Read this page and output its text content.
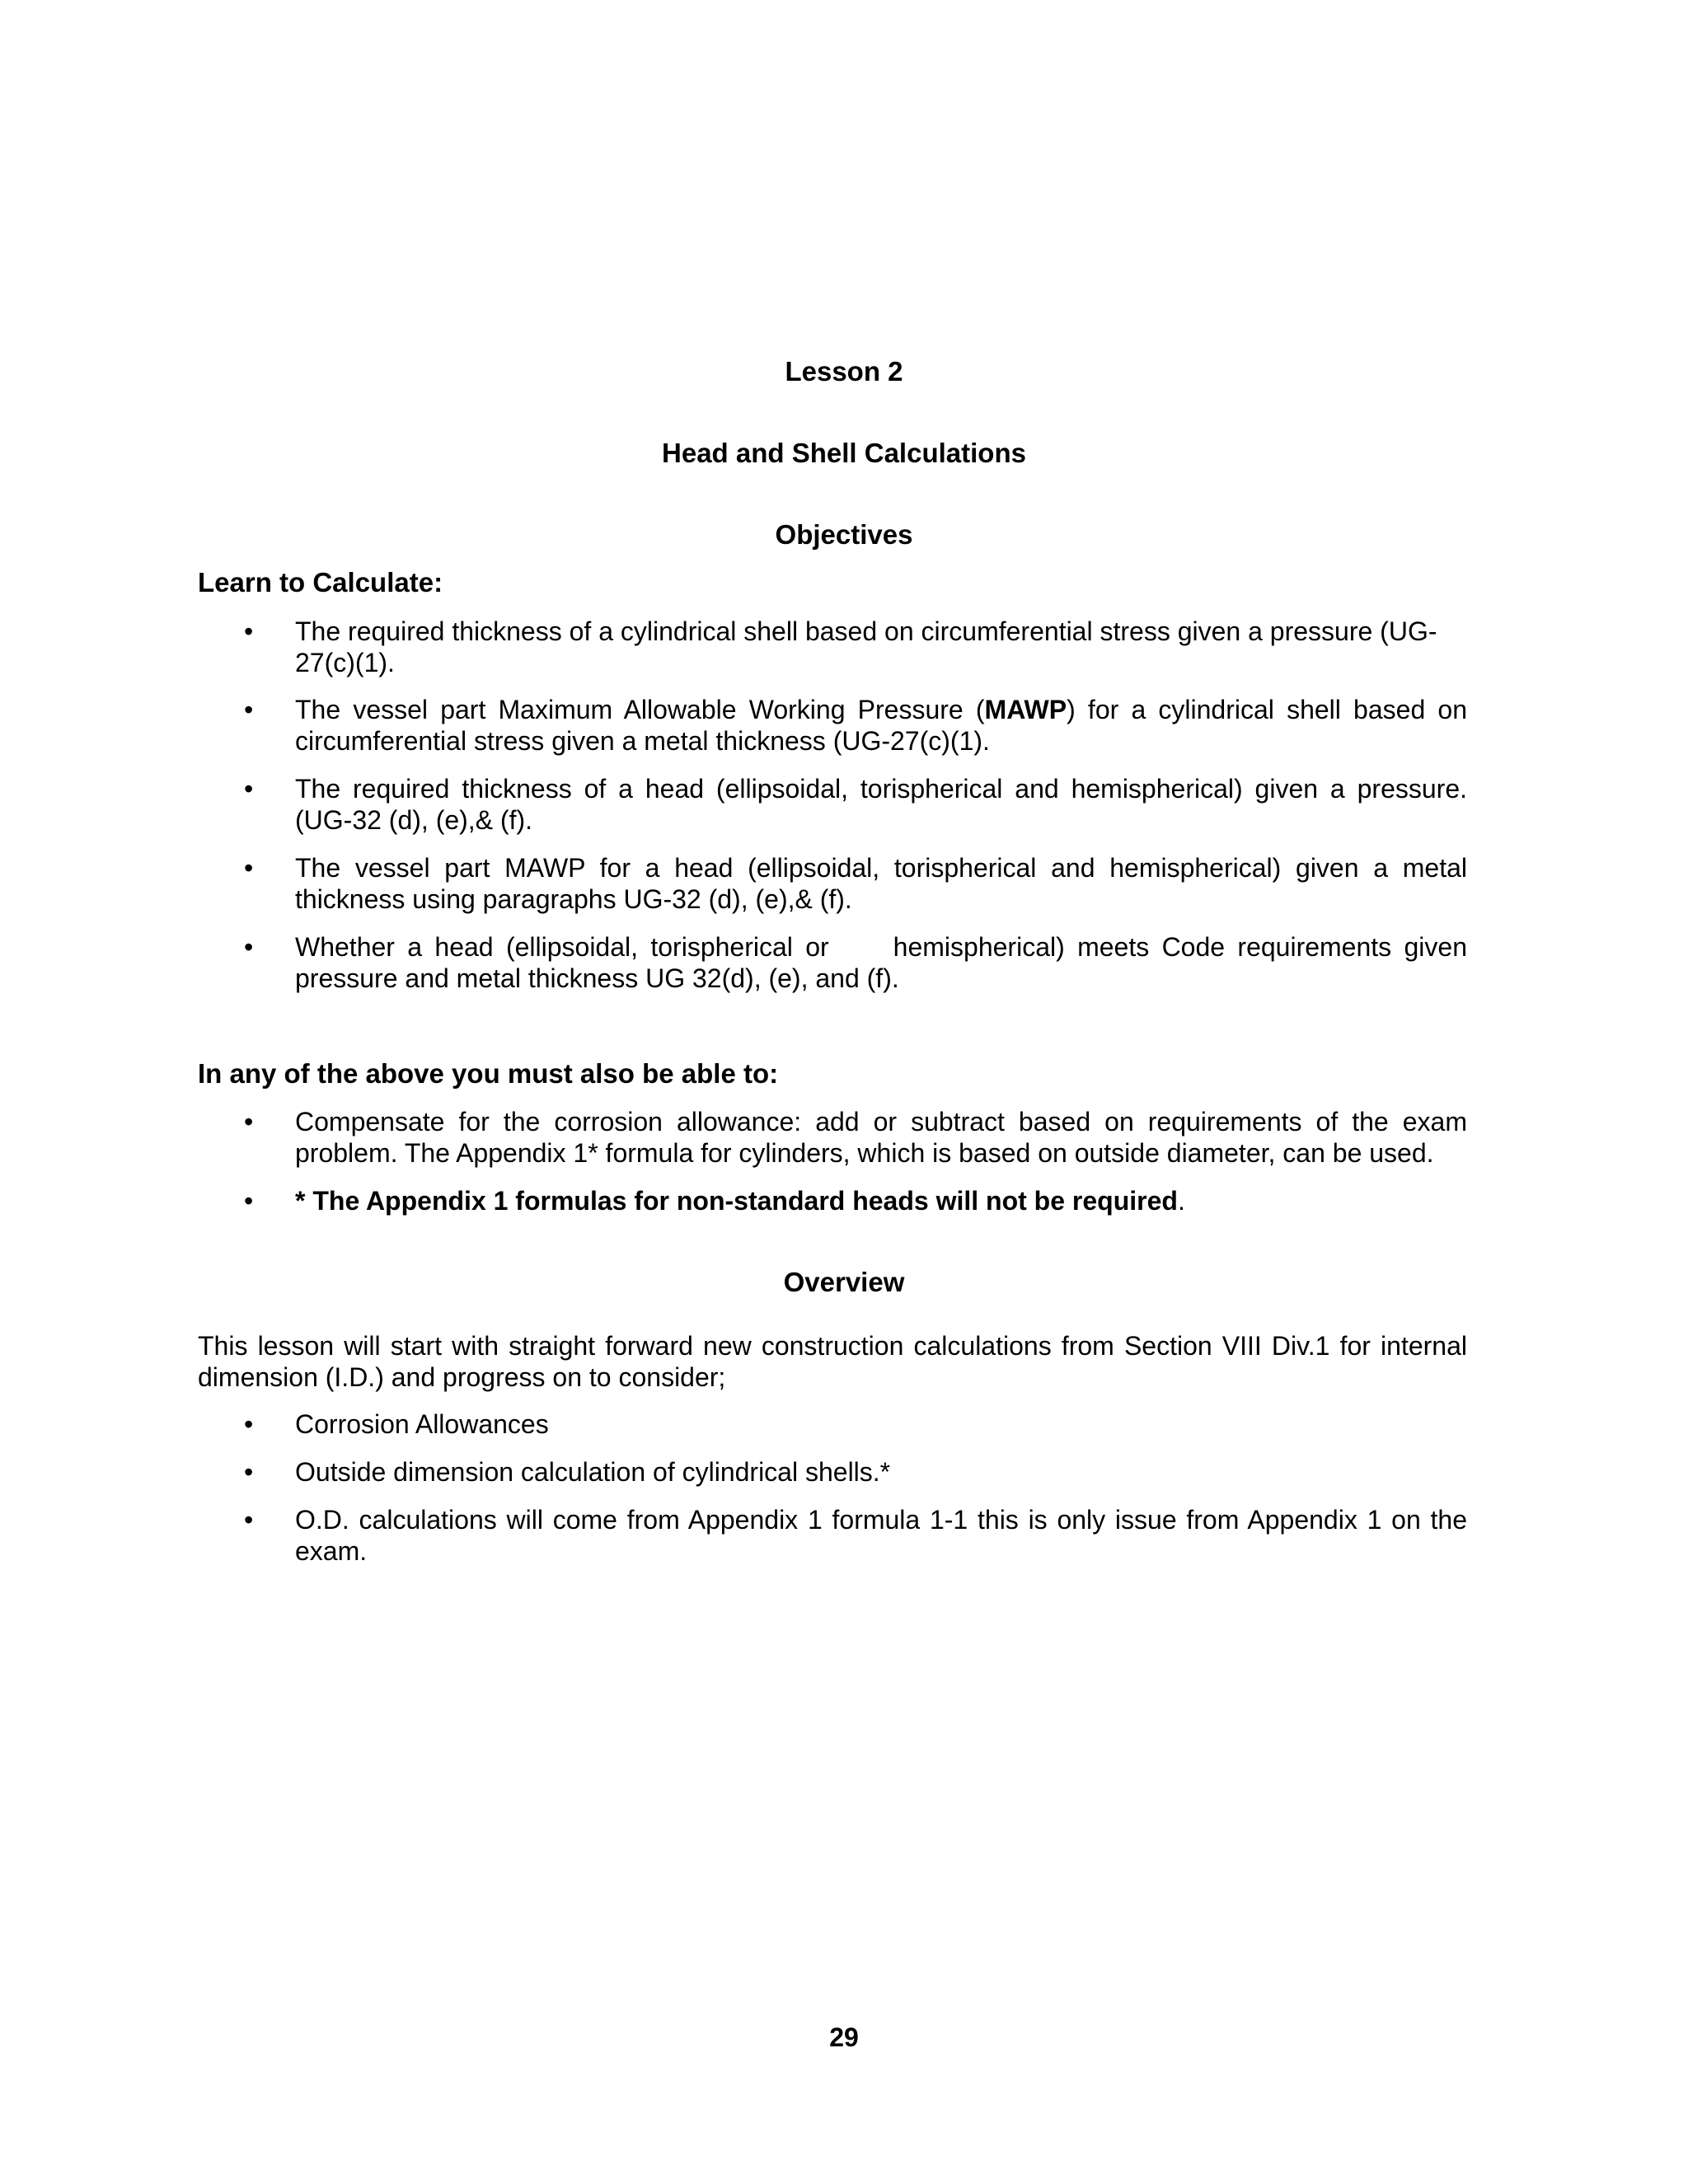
Lesson 2
Head and Shell Calculations
Objectives
Learn to Calculate:
• The required thickness of a cylindrical shell based on circumferential stress given a pressure (UG-27(c)(1).
• The vessel part Maximum Allowable Working Pressure (MAWP) for a cylindrical shell based on circumferential stress given a metal thickness (UG-27(c)(1).
• The required thickness of a head (ellipsoidal, torispherical and hemispherical) given a pressure. (UG-32 (d), (e),& (f).
• The vessel part MAWP for a head (ellipsoidal, torispherical and hemispherical) given a metal thickness using paragraphs UG-32 (d), (e),& (f).
• Whether a head (ellipsoidal, torispherical or hemispherical) meets Code requirements given pressure and metal thickness UG 32(d), (e), and (f).
In any of the above you must also be able to:
• Compensate for the corrosion allowance: add or subtract based on requirements of the exam problem. The Appendix 1* formula for cylinders, which is based on outside diameter, can be used.
• * The Appendix 1 formulas for non-standard heads will not be required.
Overview
This lesson will start with straight forward new construction calculations from Section VIII Div.1 for internal dimension (I.D.) and progress on to consider;
• Corrosion Allowances
• Outside dimension calculation of cylindrical shells.*
• O.D. calculations will come from Appendix 1 formula 1-1 this is only issue from Appendix 1 on the exam.
29
